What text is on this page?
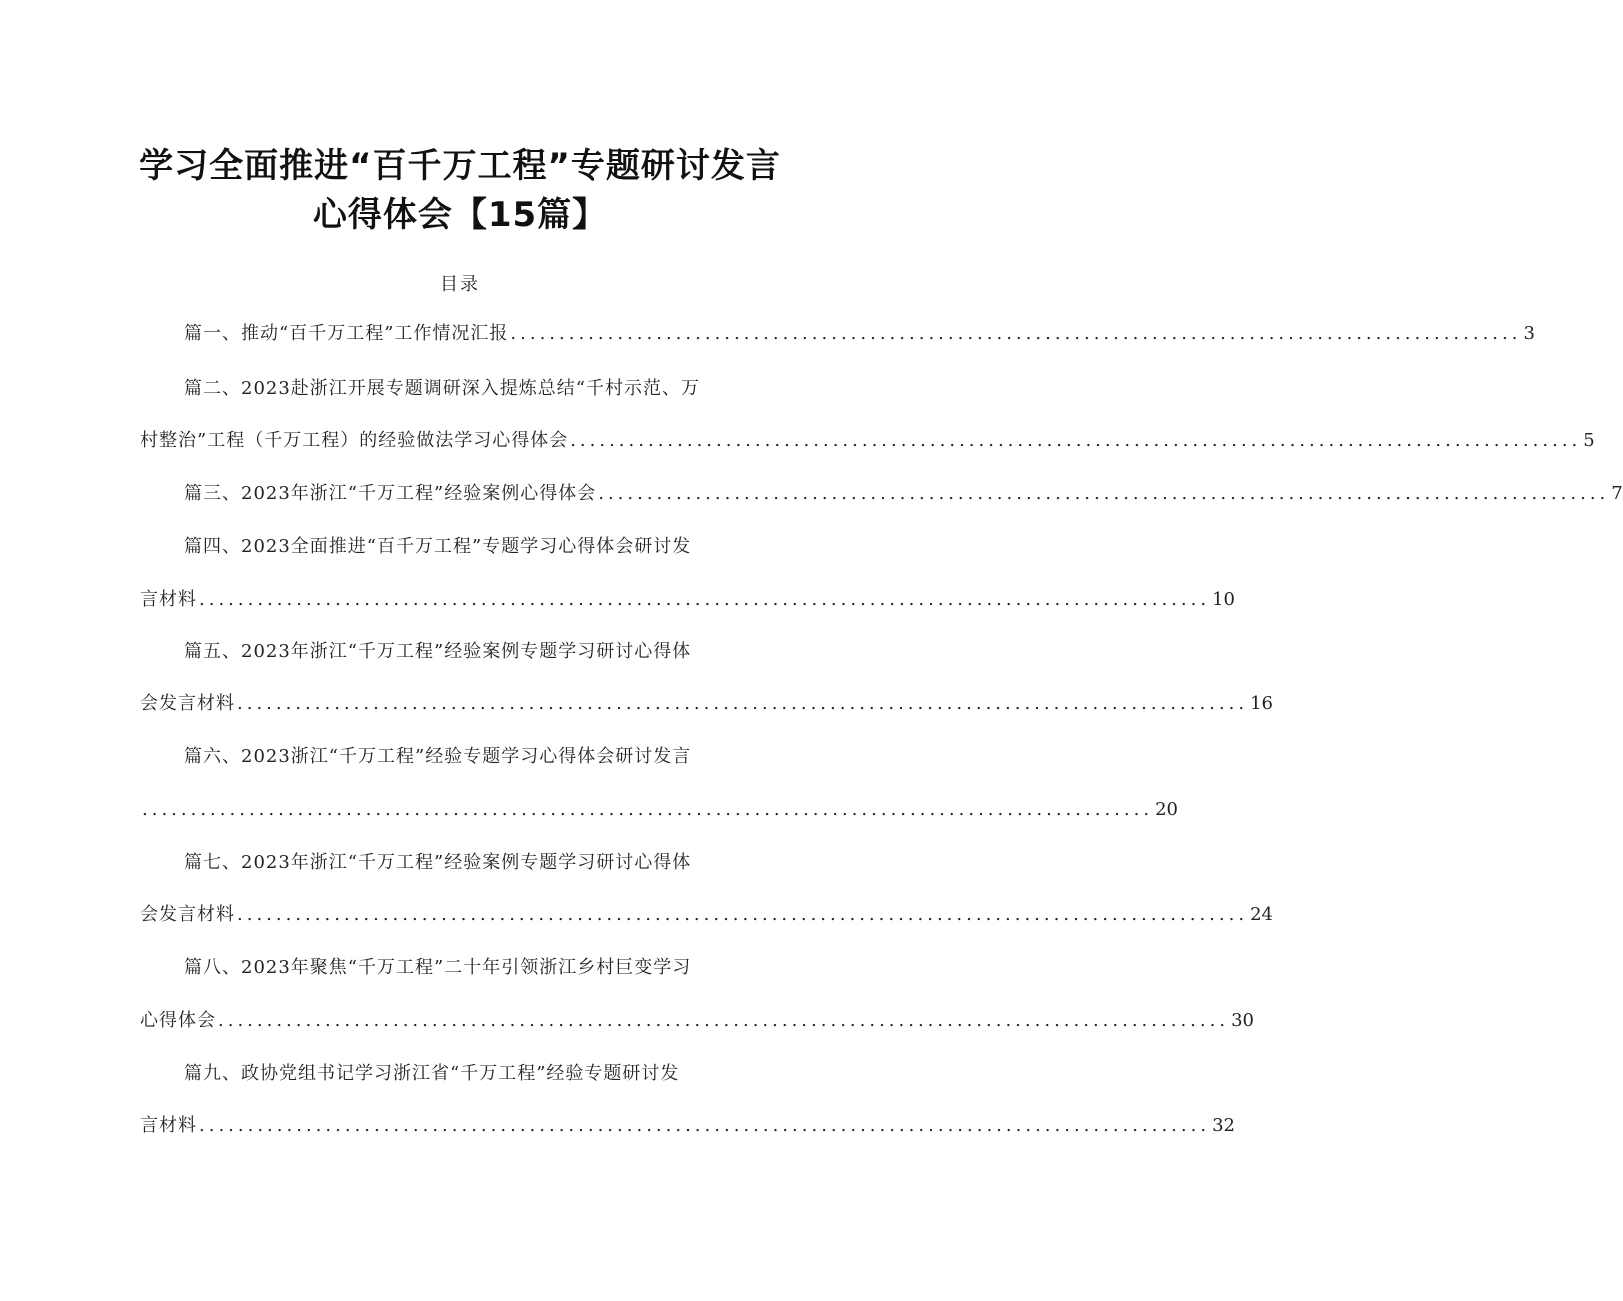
学习全面推进“百千万工程”专题研讨发言
心得体会【15篇】
目录
篇一、推动“百千万工程”工作情况汇报 ........................................................................................................ 3
篇二、2023赴浙江开展专题调研深入提炼总结“千村示范、万
村整治”工程（千万工程）的经验做法学习心得体会 ........................................................................................................ 5
篇三、2023年浙江“千万工程”经验案例心得体会 ........................................................................................................ 7
篇四、2023全面推进“百千万工程”专题学习心得体会研讨发
言材料 ........................................................................................................ 10
篇五、2023年浙江“千万工程”经验案例专题学习研讨心得体
会发言材料 ........................................................................................................ 16
篇六、2023浙江“千万工程”经验专题学习心得体会研讨发言
........................................................................................................ 20
篇七、2023年浙江“千万工程”经验案例专题学习研讨心得体
会发言材料 ........................................................................................................ 24
篇八、2023年聚焦“千万工程”二十年引领浙江乡村巨变学习
心得体会 ........................................................................................................ 30
篇九、政协党组书记学习浙江省“千万工程”经验专题研讨发
言材料 ........................................................................................................ 32
